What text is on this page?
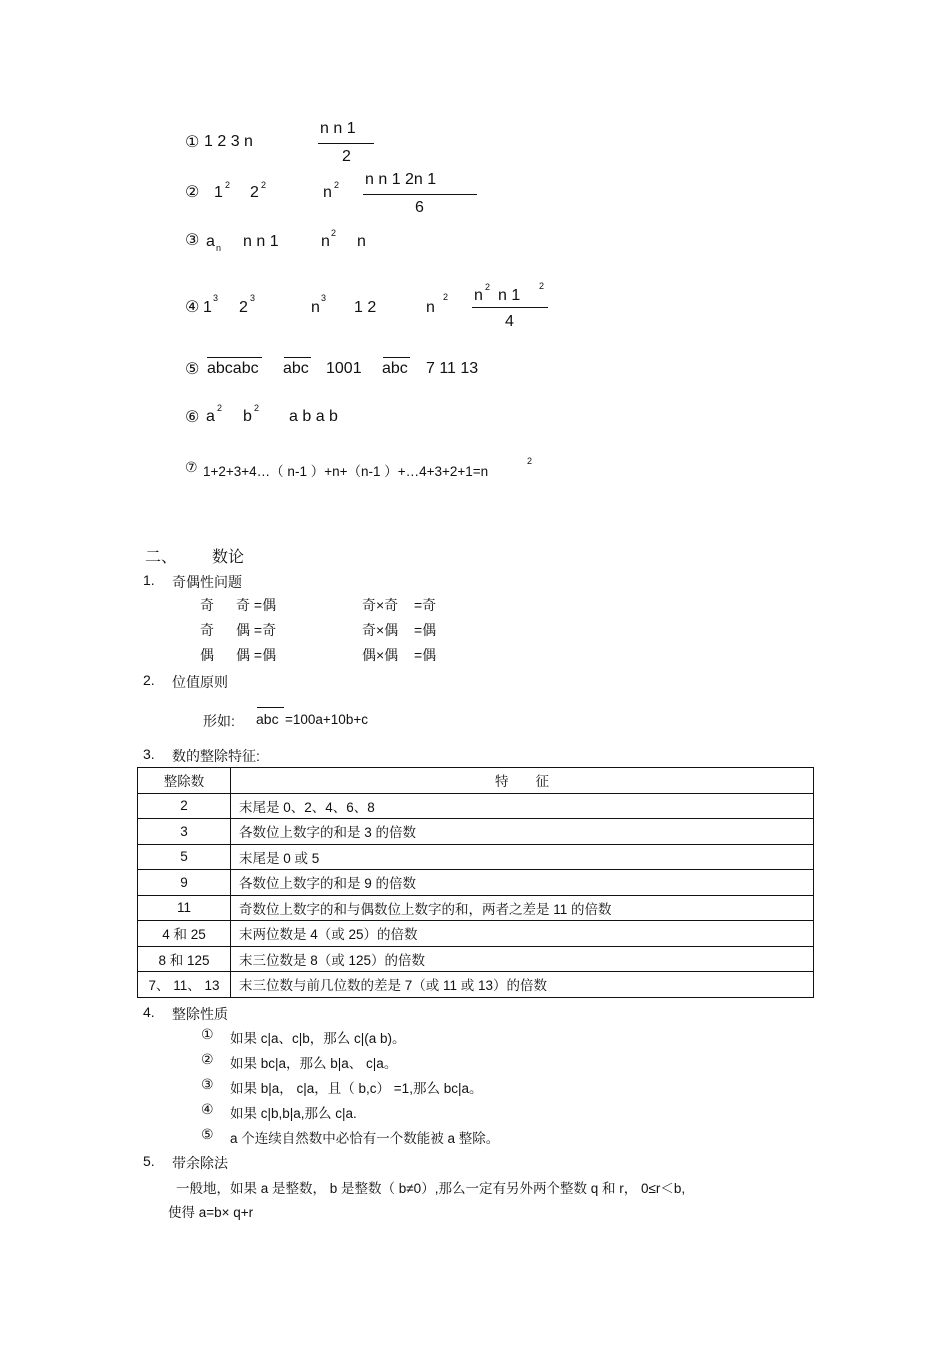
① 1 2 3 n
n n 1
2
② 1 2 2 2	n 2 n n 1 2n 1
6
③ a n n n 1	n 2 n
④ 1
3
2
3
n
3
1 2	n
2 n 2 n 1
2
4
⑤ abcabc abc 1001 abc 7 11 13
⑥ a 2 b 2 a b a b
⑦ 1+2+3+4…（ n-1 ）+n+（n-1 ）+…4+3+2+1=n
2
二、 数论
1. 奇偶性问题
奇 奇 =偶	奇×奇 =奇
奇 偶 =奇	奇×偶 =偶
偶 偶 =偶	偶×偶 =偶
2. 位值原则
形如: abc =100a+10b+c
3. 数的整除特征:
整除数	特　　征
2	末尾是 0、2、4、6、8
3	各数位上数字的和是 3 的倍数
5	末尾是 0 或 5
9	各数位上数字的和是 9 的倍数
11	奇数位上数字的和与偶数位上数字的和，两者之差是 11 的倍数
4 和 25	末两位数是 4（或 25）的倍数
8 和 125	末三位数是 8（或 125）的倍数
7、 11、 13	末三位数与前几位数的差是 7（或 11 或 13）的倍数
4. 整除性质
① 如果 c|a、c|b，那么 c|(a b)。
② 如果 bc|a，那么 b|a、 c|a。
③ 如果 b|a， c|a，且（ b,c） =1,那么 bc|a。
④ 如果 c|b,b|a,那么 c|a.
⑤ a 个连续自然数中必恰有一个数能被 a 整除。
5. 带余除法
一般地，如果 a 是整数， b 是整数（ b≠0）,那么一定有另外两个整数 q 和 r， 0≤r＜b,
使得 a=b× q+r
